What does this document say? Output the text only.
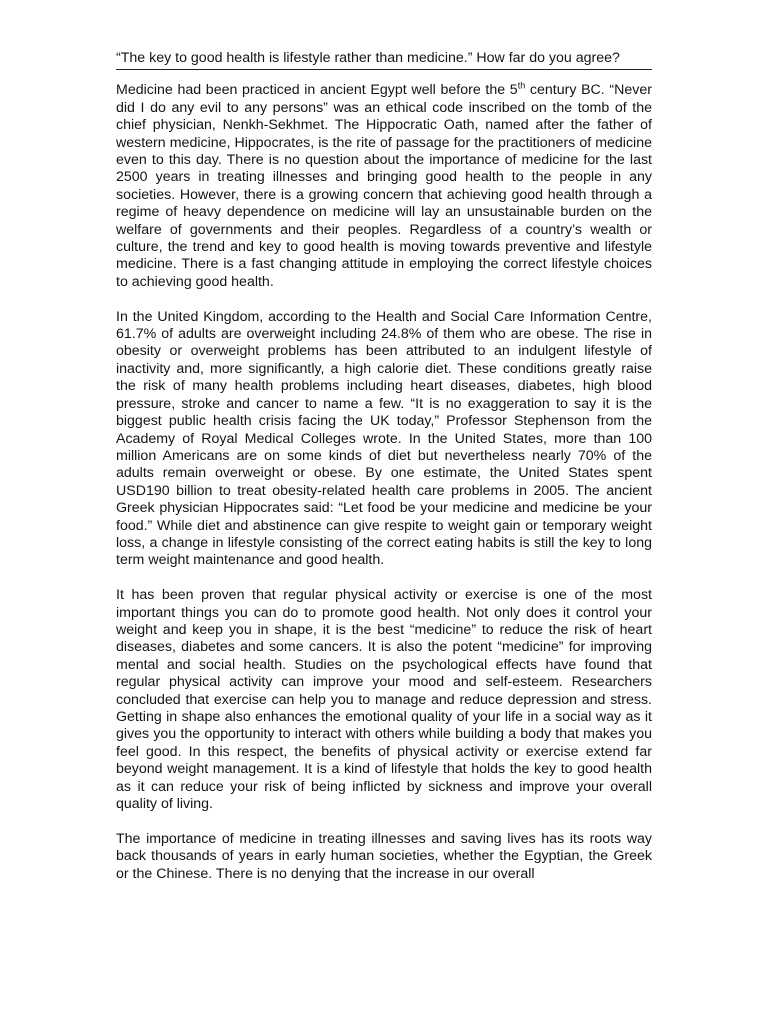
“The key to good health is lifestyle rather than medicine.” How far do you agree?

Medicine had been practiced in ancient Egypt well before the 5th century BC. “Never did I do any evil to any persons” was an ethical code inscribed on the tomb of the chief physician, Nenkh-Sekhmet. The Hippocratic Oath, named after the father of western medicine, Hippocrates, is the rite of passage for the practitioners of medicine even to this day. There is no question about the importance of medicine for the last 2500 years in treating illnesses and bringing good health to the people in any societies. However, there is a growing concern that achieving good health through a regime of heavy dependence on medicine will lay an unsustainable burden on the welfare of governments and their peoples. Regardless of a country’s wealth or culture, the trend and key to good health is moving towards preventive and lifestyle medicine. There is a fast changing attitude in employing the correct lifestyle choices to achieving good health.

In the United Kingdom, according to the Health and Social Care Information Centre, 61.7% of adults are overweight including 24.8% of them who are obese. The rise in obesity or overweight problems has been attributed to an indulgent lifestyle of inactivity and, more significantly, a high calorie diet. These conditions greatly raise the risk of many health problems including heart diseases, diabetes, high blood pressure, stroke and cancer to name a few. “It is no exaggeration to say it is the biggest public health crisis facing the UK today,” Professor Stephenson from the Academy of Royal Medical Colleges wrote. In the United States, more than 100 million Americans are on some kinds of diet but nevertheless nearly 70% of the adults remain overweight or obese. By one estimate, the United States spent USD190 billion to treat obesity-related health care problems in 2005. The ancient Greek physician Hippocrates said: “Let food be your medicine and medicine be your food.” While diet and abstinence can give respite to weight gain or temporary weight loss, a change in lifestyle consisting of the correct eating habits is still the key to long term weight maintenance and good health.

It has been proven that regular physical activity or exercise is one of the most important things you can do to promote good health. Not only does it control your weight and keep you in shape, it is the best “medicine” to reduce the risk of heart diseases, diabetes and some cancers. It is also the potent “medicine” for improving mental and social health. Studies on the psychological effects have found that regular physical activity can improve your mood and self-esteem. Researchers concluded that exercise can help you to manage and reduce depression and stress. Getting in shape also enhances the emotional quality of your life in a social way as it gives you the opportunity to interact with others while building a body that makes you feel good. In this respect, the benefits of physical activity or exercise extend far beyond weight management. It is a kind of lifestyle that holds the key to good health as it can reduce your risk of being inflicted by sickness and improve your overall quality of living.

The importance of medicine in treating illnesses and saving lives has its roots way back thousands of years in early human societies, whether the Egyptian, the Greek or the Chinese. There is no denying that the increase in our overall
